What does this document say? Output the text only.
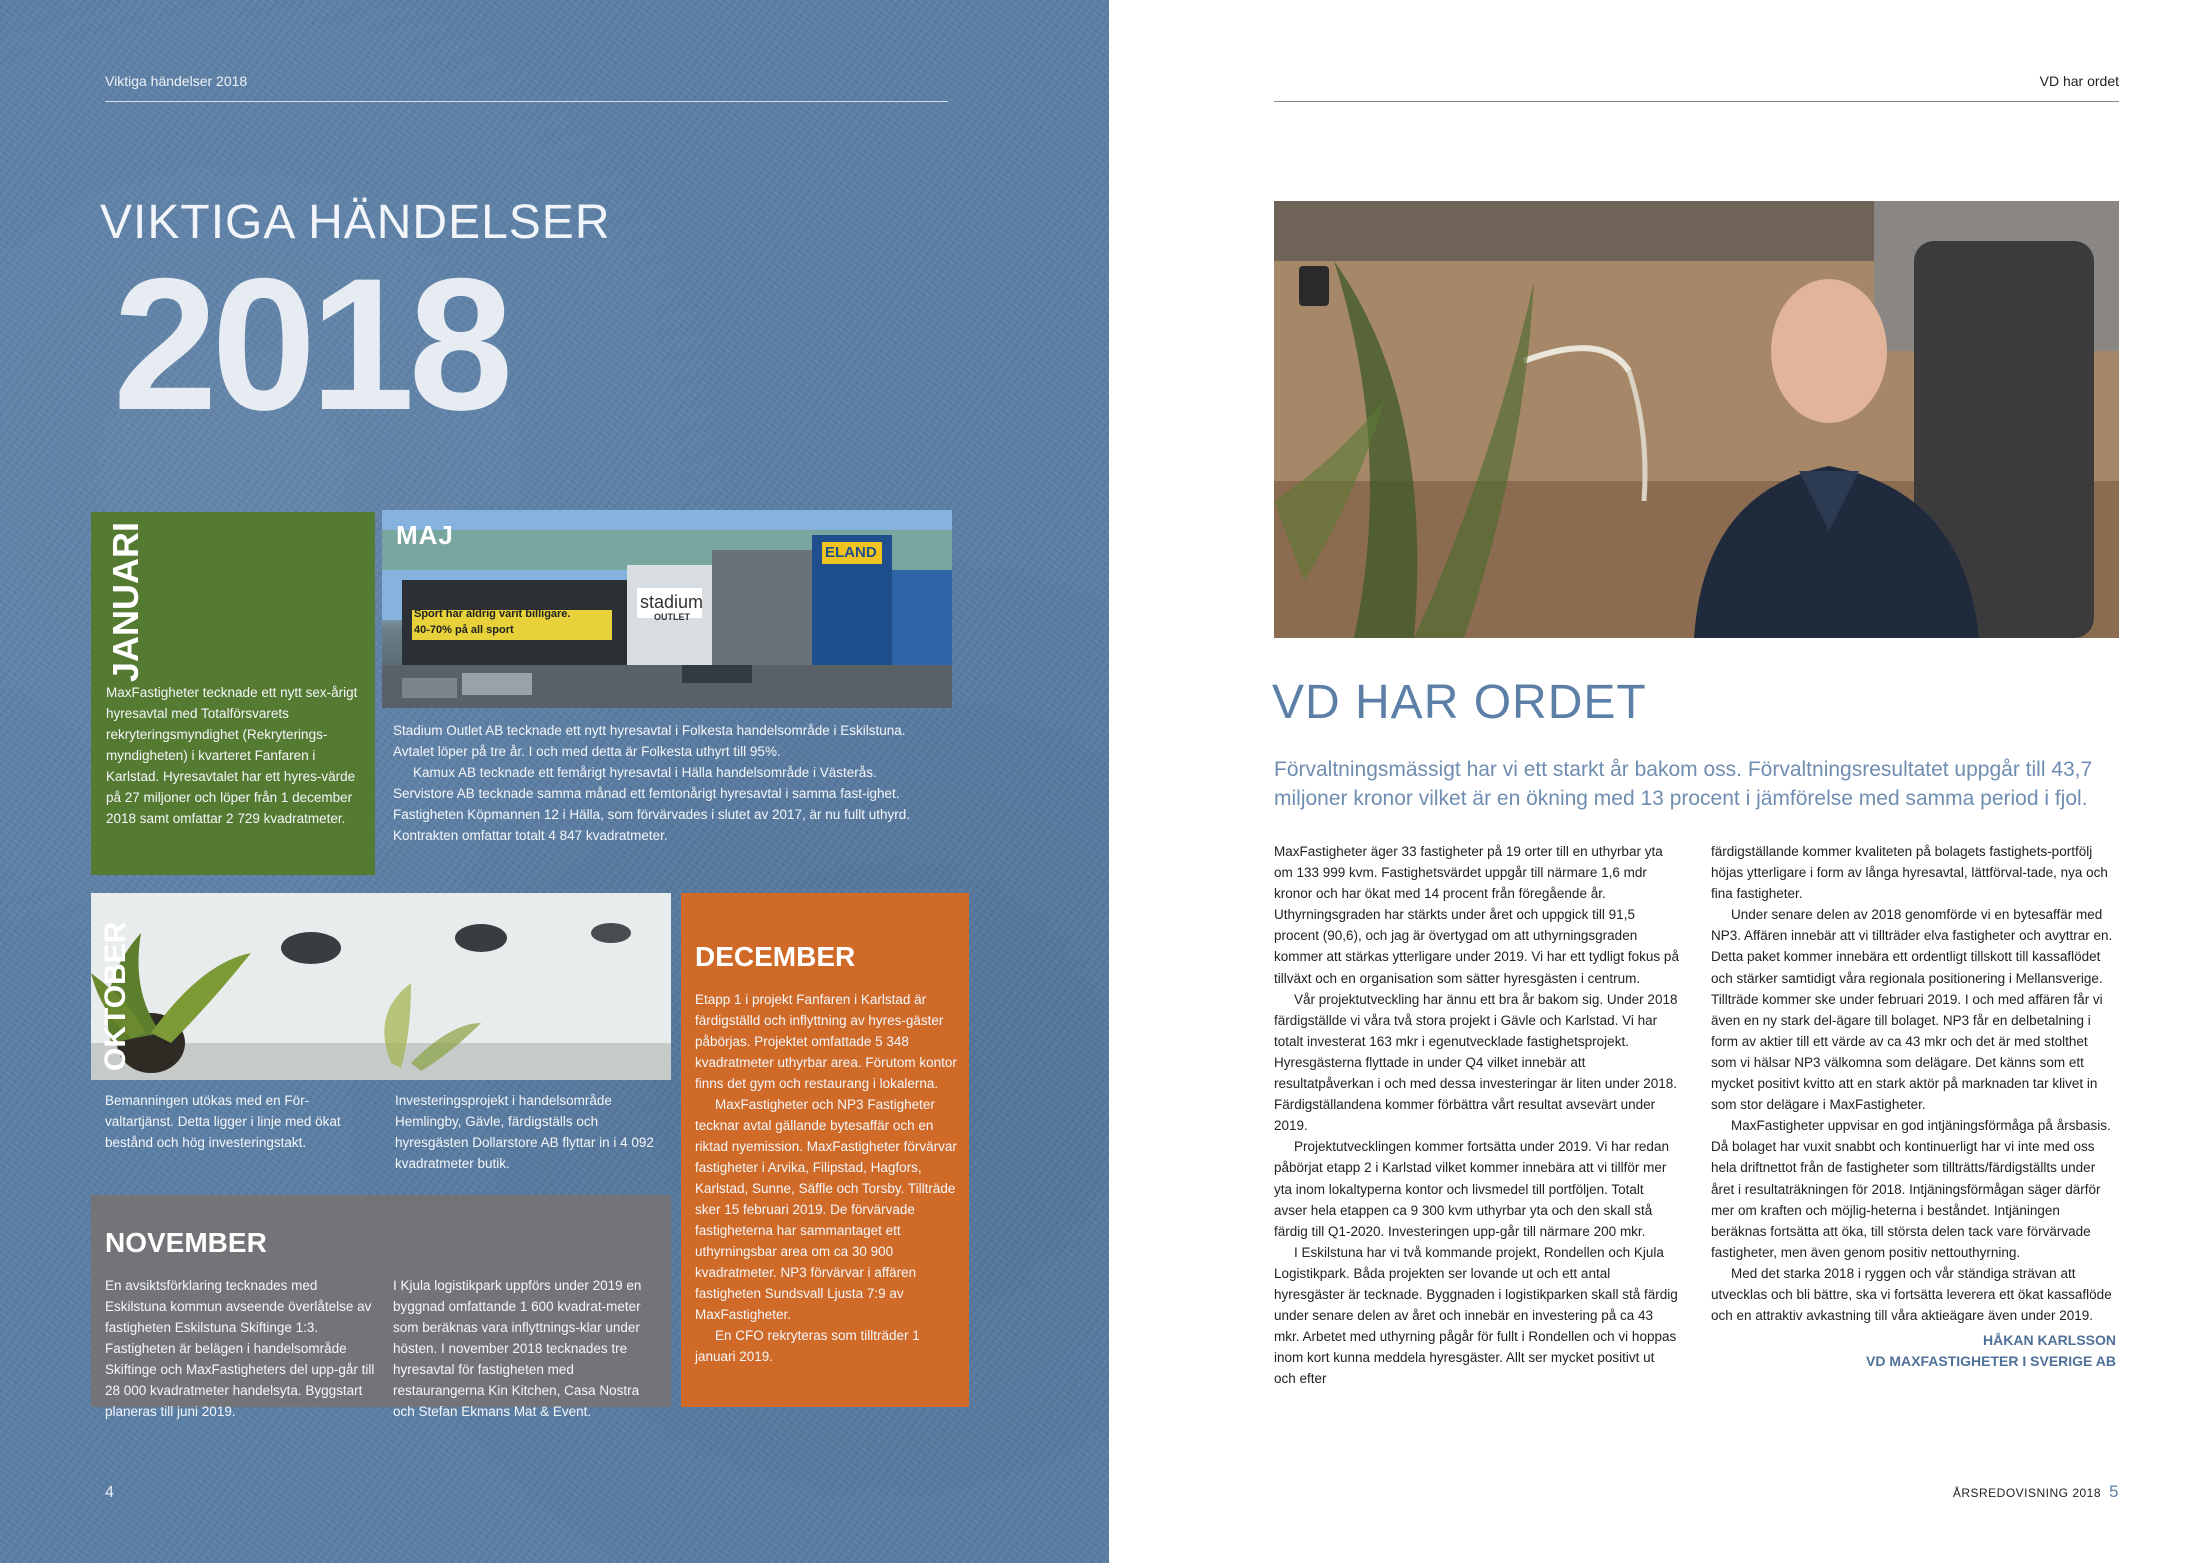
Viktiga händelser 2018
VIKTIGA HÄNDELSER
2018
JANUARI
MaxFastigheter tecknade ett nytt sex-årigt hyresavtal med Totalförsvarets rekryteringsmyndighet (Rekryterings-myndigheten) i kvarteret Fanfaren i Karlstad. Hyresavtalet har ett hyres-värde på 27 miljoner och löper från 1 december 2018 samt omfattar 2 729 kvadratmeter.
MAJ
Sport har aldrig varit billigare.
40-70% på all sport
stadium
OUTLET
ELAND
Stadium Outlet AB tecknade ett nytt hyresavtal i Folkesta handelsområde i Eskilstuna. Avtalet löper på tre år. I och med detta är Folkesta uthyrt till 95%.
Kamux AB tecknade ett femårigt hyresavtal i Hälla handelsområde i Västerås. Servistore AB tecknade samma månad ett femtonårigt hyresavtal i samma fast-ighet. Fastigheten Köpmannen 12 i Hälla, som förvärvades i slutet av 2017, är nu fullt uthyrd. Kontrakten omfattar totalt 4 847 kvadratmeter.
OKTOBER
Bemanningen utökas med en För-valtartjänst. Detta ligger i linje med ökat bestånd och hög investeringstakt.
Investeringsprojekt i handelsområde Hemlingby, Gävle, färdigställs och hyresgästen Dollarstore AB flyttar in i 4 092 kvadratmeter butik.
DECEMBER
Etapp 1 i projekt Fanfaren i Karlstad är färdigställd och inflyttning av hyres-gäster påbörjas. Projektet omfattade 5 348 kvadratmeter uthyrbar area. Förutom kontor finns det gym och restaurang i lokalerna.
MaxFastigheter och NP3 Fastigheter tecknar avtal gällande bytesaffär och en riktad nyemission. MaxFastigheter förvärvar fastigheter i Arvika, Filipstad, Hagfors, Karlstad, Sunne, Säffle och Torsby. Tillträde sker 15 februari 2019. De förvärvade fastigheterna har sammantaget ett uthyrningsbar area om ca 30 900 kvadratmeter. NP3 förvärvar i affären fastigheten Sundsvall Ljusta 7:9 av MaxFastigheter.
En CFO rekryteras som tillträder 1 januari 2019.
NOVEMBER
En avsiktsförklaring tecknades med Eskilstuna kommun avseende överlåtelse av fastigheten Eskilstuna Skiftinge 1:3. Fastigheten är belägen i handelsområde Skiftinge och MaxFastigheters del upp-går till 28 000 kvadratmeter handelsyta. Byggstart planeras till juni 2019.
I Kjula logistikpark uppförs under 2019 en byggnad omfattande 1 600 kvadrat-meter som beräknas vara inflyttnings-klar under hösten. I november 2018 tecknades tre hyresavtal för fastigheten med restaurangerna Kin Kitchen, Casa Nostra och Stefan Ekmans Mat & Event.
4
VD har ordet
VD HAR ORDET
Förvaltningsmässigt har vi ett starkt år bakom oss. Förvaltningsresultatet uppgår till 43,7 miljoner kronor vilket är en ökning med 13 procent i jämförelse med samma period i fjol.

MaxFastigheter äger 33 fastigheter på 19 orter till en uthyrbar yta om 133 999 kvm. Fastighetsvärdet uppgår till närmare 1,6 mdr kronor och har ökat med 14 procent från föregående år. Uthyrningsgraden har stärkts under året och uppgick till 91,5 procent (90,6), och jag är övertygad om att uthyrningsgraden kommer att stärkas ytterligare under 2019. Vi har ett tydligt fokus på tillväxt och en organisation som sätter hyresgästen i centrum.

Vår projektutveckling har ännu ett bra år bakom sig. Under 2018 färdigställde vi våra två stora projekt i Gävle och Karlstad. Vi har totalt investerat 163 mkr i egenutvecklade fastighetsprojekt. Hyresgästerna flyttade in under Q4 vilket innebär att resultatpåverkan i och med dessa investeringar är liten under 2018. Färdigställandena kommer förbättra vårt resultat avsevärt under 2019.

Projektutvecklingen kommer fortsätta under 2019. Vi har redan påbörjat etapp 2 i Karlstad vilket kommer innebära att vi tillför mer yta inom lokaltyperna kontor och livsmedel till portföljen. Totalt avser hela etappen ca 9 300 kvm uthyrbar yta och den skall stå färdig till Q1-2020. Investeringen upp-går till närmare 200 mkr.

I Eskilstuna har vi två kommande projekt, Rondellen och Kjula Logistikpark. Båda projekten ser lovande ut och ett antal hyresgäster är tecknade. Byggnaden i logistikparken skall stå färdig under senare delen av året och innebär en investering på ca 43 mkr. Arbetet med uthyrning pågår för fullt i Rondellen och vi hoppas inom kort kunna meddela hyresgäster. Allt ser mycket positivt ut och efter

färdigställande kommer kvaliteten på bolagets fastighets-portfölj höjas ytterligare i form av långa hyresavtal, lättförval-tade, nya och fina fastigheter.

Under senare delen av 2018 genomförde vi en bytesaffär med NP3. Affären innebär att vi tillträder elva fastigheter och avyttrar en. Detta paket kommer innebära ett ordentligt tillskott till kassaflödet och stärker samtidigt våra regionala positionering i Mellansverige. Tillträde kommer ske under februari 2019. I och med affären får vi även en ny stark del-ägare till bolaget. NP3 får en delbetalning i form av aktier till ett värde av ca 43 mkr och det är med stolthet som vi hälsar NP3 välkomna som delägare. Det känns som ett mycket positivt kvitto att en stark aktör på marknaden tar klivet in som stor delägare i MaxFastigheter.

MaxFastigheter uppvisar en god intjäningsförmåga på årsbasis. Då bolaget har vuxit snabbt och kontinuerligt har vi inte med oss hela driftnettot från de fastigheter som tillträtts/färdigställts under året i resultaträkningen för 2018. Intjäningsförmågan säger därför mer om kraften och möjlig-heterna i beståndet. Intjäningen beräknas fortsätta att öka, till största delen tack vare förvärvade fastigheter, men även genom positiv nettouthyrning.

Med det starka 2018 i ryggen och vår ständiga strävan att utvecklas och bli bättre, ska vi fortsätta leverera ett ökat kassaflöde och en attraktiv avkastning till våra aktieägare även under 2019.

HÅKAN KARLSSON
VD MAXFASTIGHETER I SVERIGE AB
ÅRSREDOVISNING 2018 5
